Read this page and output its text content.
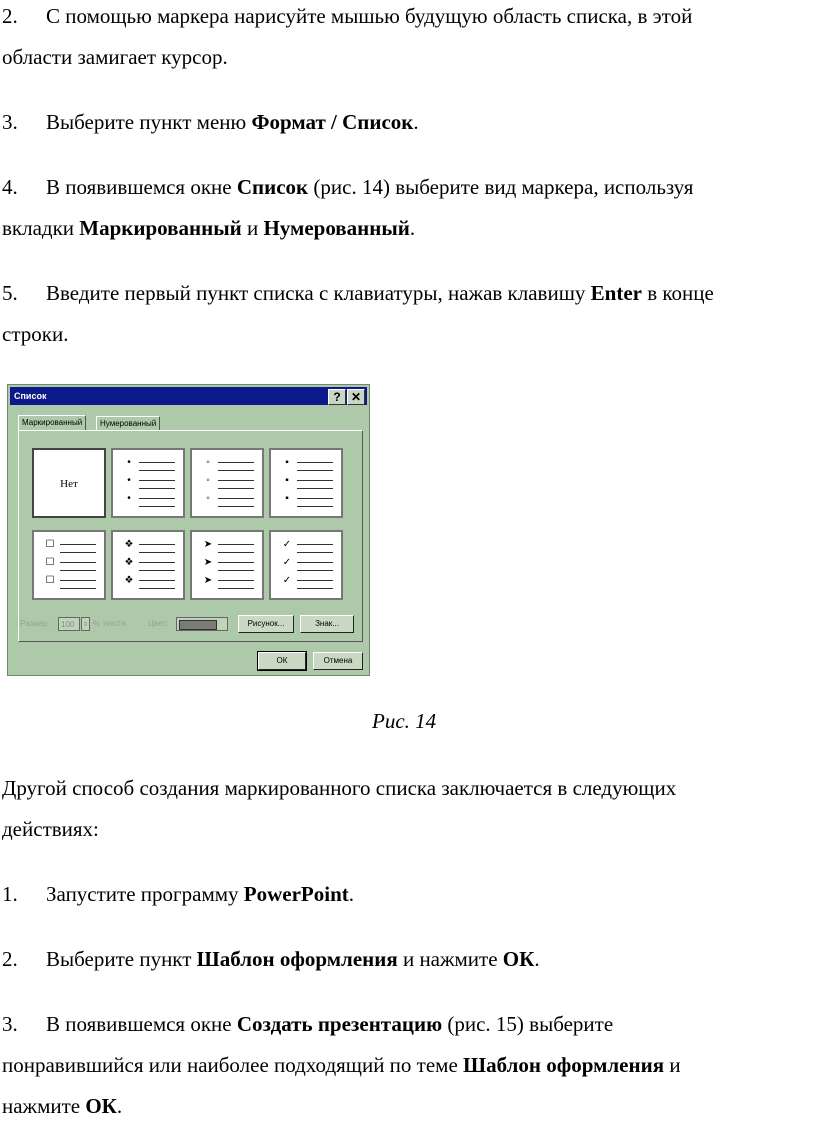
2. С помощью маркера нарисуйте мышью будущую область списка, в этой
области замигает курсор.
3. Выберите пункт меню Формат / Список.
4. В появившемся окне Список (рис. 14) выберите вид маркера, используя
вкладки Маркированный и Нумерованный.
5. Введите первый пункт списка с клавиатуры, нажав клавишу Enter в конце
строки.
Список	? ✕
Маркированный	Нумерованный
Нет
•
•
•
◦
◦
◦
▪
▪
▪
☐
☐
☐
❖
❖
❖
➤
➤
➤
✓
✓
✓
Размер:	100	⇕ % текста	Цвет:	Рисунок...	Знак...
ОК	Отмена
Рис. 14
Другой способ создания маркированного списка заключается в следующих
действиях:
1. Запустите программу PowerPoint.
2. Выберите пункт Шаблон оформления и нажмите ОК.
3. В появившемся окне Создать презентацию (рис. 15) выберите
понравившийся или наиболее подходящий по теме Шаблон оформления и
нажмите ОК.
